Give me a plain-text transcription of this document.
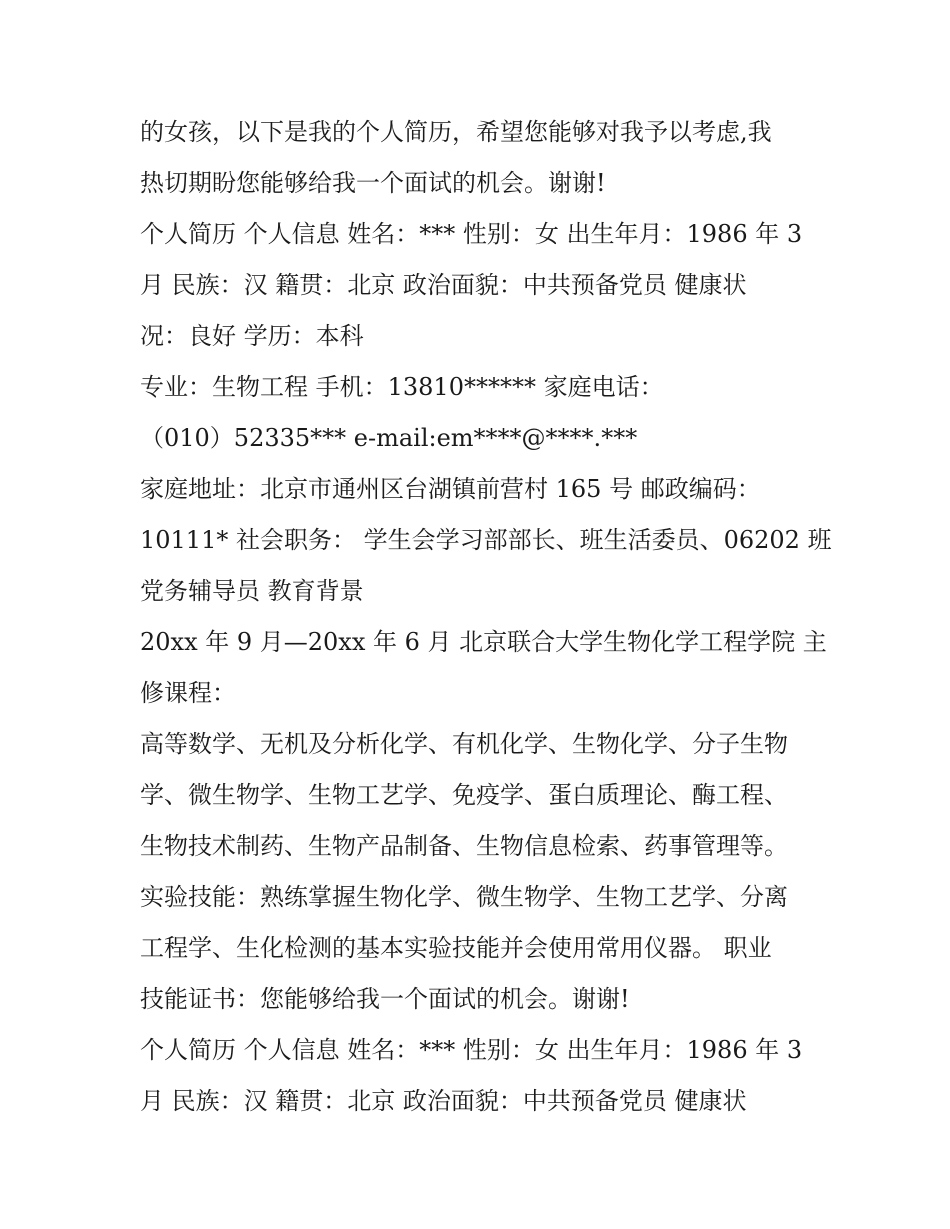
的女孩，以下是我的个人简历，希望您能够对我予以考虑,我
热切期盼您能够给我一个面试的机会。谢谢!
个人简历 个人信息 姓名：*** 性别：女 出生年月：1986 年 3
月 民族：汉 籍贯：北京 政治面貌：中共预备党员 健康状
况：良好 学历：本科
专业：生物工程 手机：13810****** 家庭电话：
（010）52335*** e-mail:em****@****.***
家庭地址：北京市通州区台湖镇前营村 165 号 邮政编码：
10111* 社会职务： 学生会学习部部长、班生活委员、06202 班
党务辅导员 教育背景
20xx 年 9 月—20xx 年 6 月 北京联合大学生物化学工程学院 主
修课程：
高等数学、无机及分析化学、有机化学、生物化学、分子生物
学、微生物学、生物工艺学、免疫学、蛋白质理论、酶工程、
生物技术制药、生物产品制备、生物信息检索、药事管理等。
实验技能：熟练掌握生物化学、微生物学、生物工艺学、分离
工程学、生化检测的基本实验技能并会使用常用仪器。 职业
技能证书：您能够给我一个面试的机会。谢谢!
个人简历 个人信息 姓名：*** 性别：女 出生年月：1986 年 3
月 民族：汉 籍贯：北京 政治面貌：中共预备党员 健康状
